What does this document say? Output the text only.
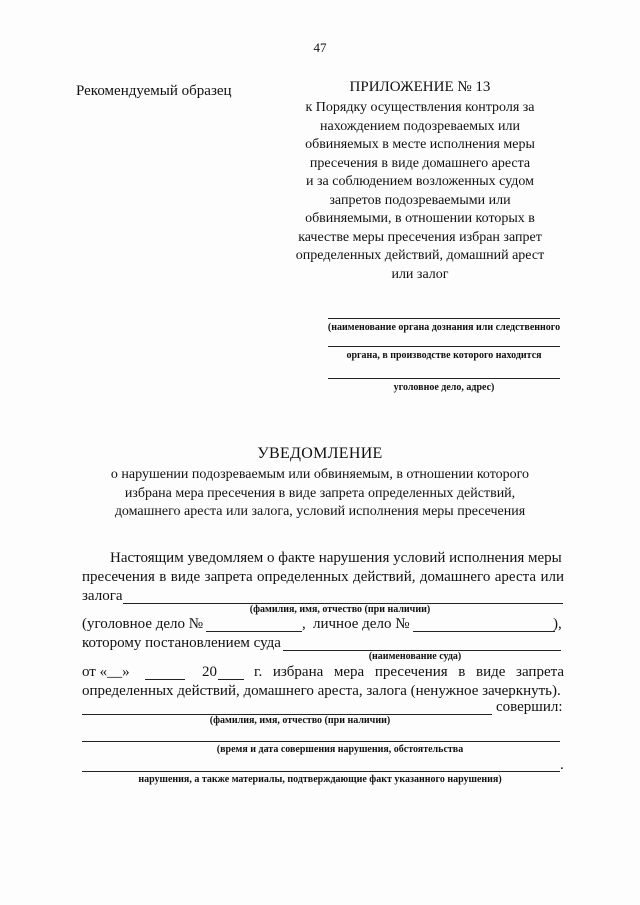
47
Рекомендуемый образец	ПРИЛОЖЕНИЕ № 13
к Порядку осуществления контроля за
нахождением подозреваемых или
обвиняемых в месте исполнения меры
пресечения в виде домашнего ареста
и за соблюдением возложенных судом
запретов подозреваемыми или
обвиняемыми, в отношении которых в
качестве меры пресечения избран запрет
определенных действий, домашний арест
или залог
(наименование органа дознания или следственного
органа, в производстве которого находится
уголовное дело, адрес)
УВЕДОМЛЕНИЕ
о нарушении подозреваемым или обвиняемым, в отношении которого
избрана мера пресечения в виде запрета определенных действий,
домашнего ареста или залога, условий исполнения меры пресечения
Настоящим уведомляем о факте нарушения условий исполнения меры
пресечения в виде запрета определенных действий, домашнего ареста или
залога
(фамилия, имя, отчество (при наличии)
(уголовное дело №	, личное дело №	),
которому постановлением суда
(наименование суда)
от «__»	20 г. избрана мера пресечения в виде запрета
определенных действий, домашнего ареста, залога (ненужное зачеркнуть).
совершил:
(фамилия, имя, отчество (при наличии)
(время и дата совершения нарушения, обстоятельства
.
нарушения, а также материалы, подтверждающие факт указанного нарушения)
